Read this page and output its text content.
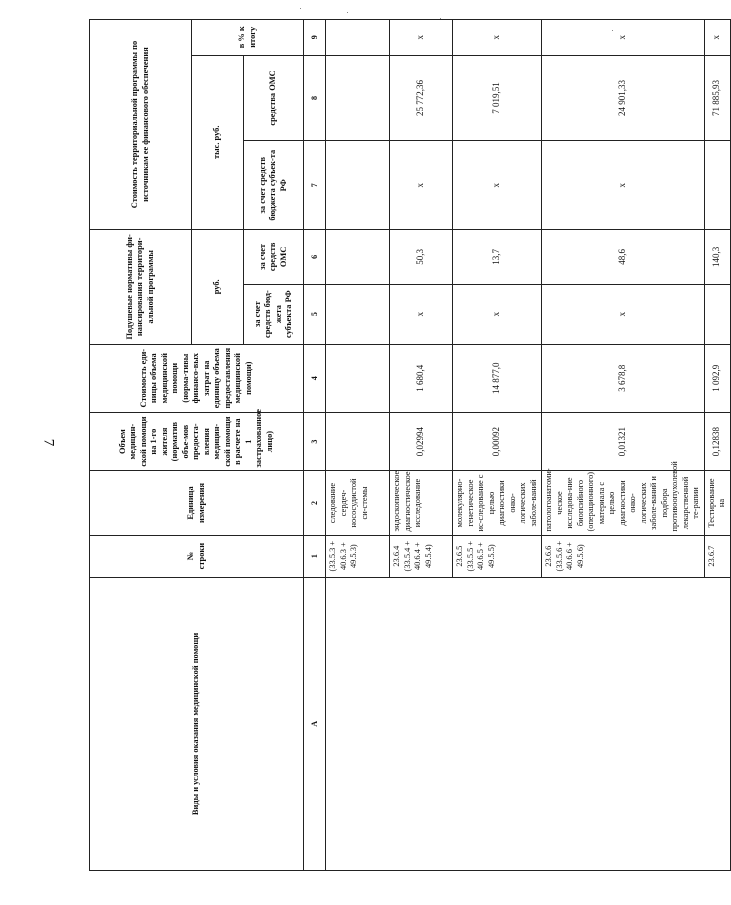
7
Виды и условия оказания медицинской помощи	№ строки	Единица измерения	Объем медицин-ской помощи на 1-го жителя (норматив объе-мов предоста-вления медицин-ской помощи в расчете на 1 застрахованное лицо)	Стоимость еди-ницы объема медицинской помощи (норма-тивы финансо-вых затрат на единицу объема предоставления медицинской помощи)	Подушевые нормативы фи-нансирования территори-альной программы		Стоимость территориальной программы по источникам ее финансового обеспечения		
					руб.		тыс. руб.		в % к итогу
					за счет средств бюд-жета субъекта РФ	за счет средств ОМС	за счет средств бюджета субъек-та РФ	средства ОМС	
А	1	2	3	4	5	6	7	8	9
	(33.5.3 + 40.6.3 + 49.5.3)	следование сердеч-нососудистой си-стемы							
	23.6.4 (33.5.4 + 40.6.4 + 49.5.4)	эндоскопическое диагностическое исследование	0,02994	1 680,4	х	50,3	х	25 772,36	х
	23.6.5 (33.5.5 + 40.6.5 + 49.5.5)	молекулярно-генетическое ис-следование с целью диагностики онко-логических заболе-ваний	0,00092	14 877,0	х	13,7	х	7 019,51	х
	23.6.6 (33.5.6 + 40.6.6 + 49.5.6)	патологоанатоми-ческое исследова-ние биопсийного (операционного) материала с целью диагностики онко-логических заболе-ваний и подбора противоопухолевой лекарственной те-рапии	0,01321	3 678,8	х	48,6	х	24 901,33	х
	23.6.7	Тестирование на	0,12838	1 092,9		140,3		71 885,93	х
